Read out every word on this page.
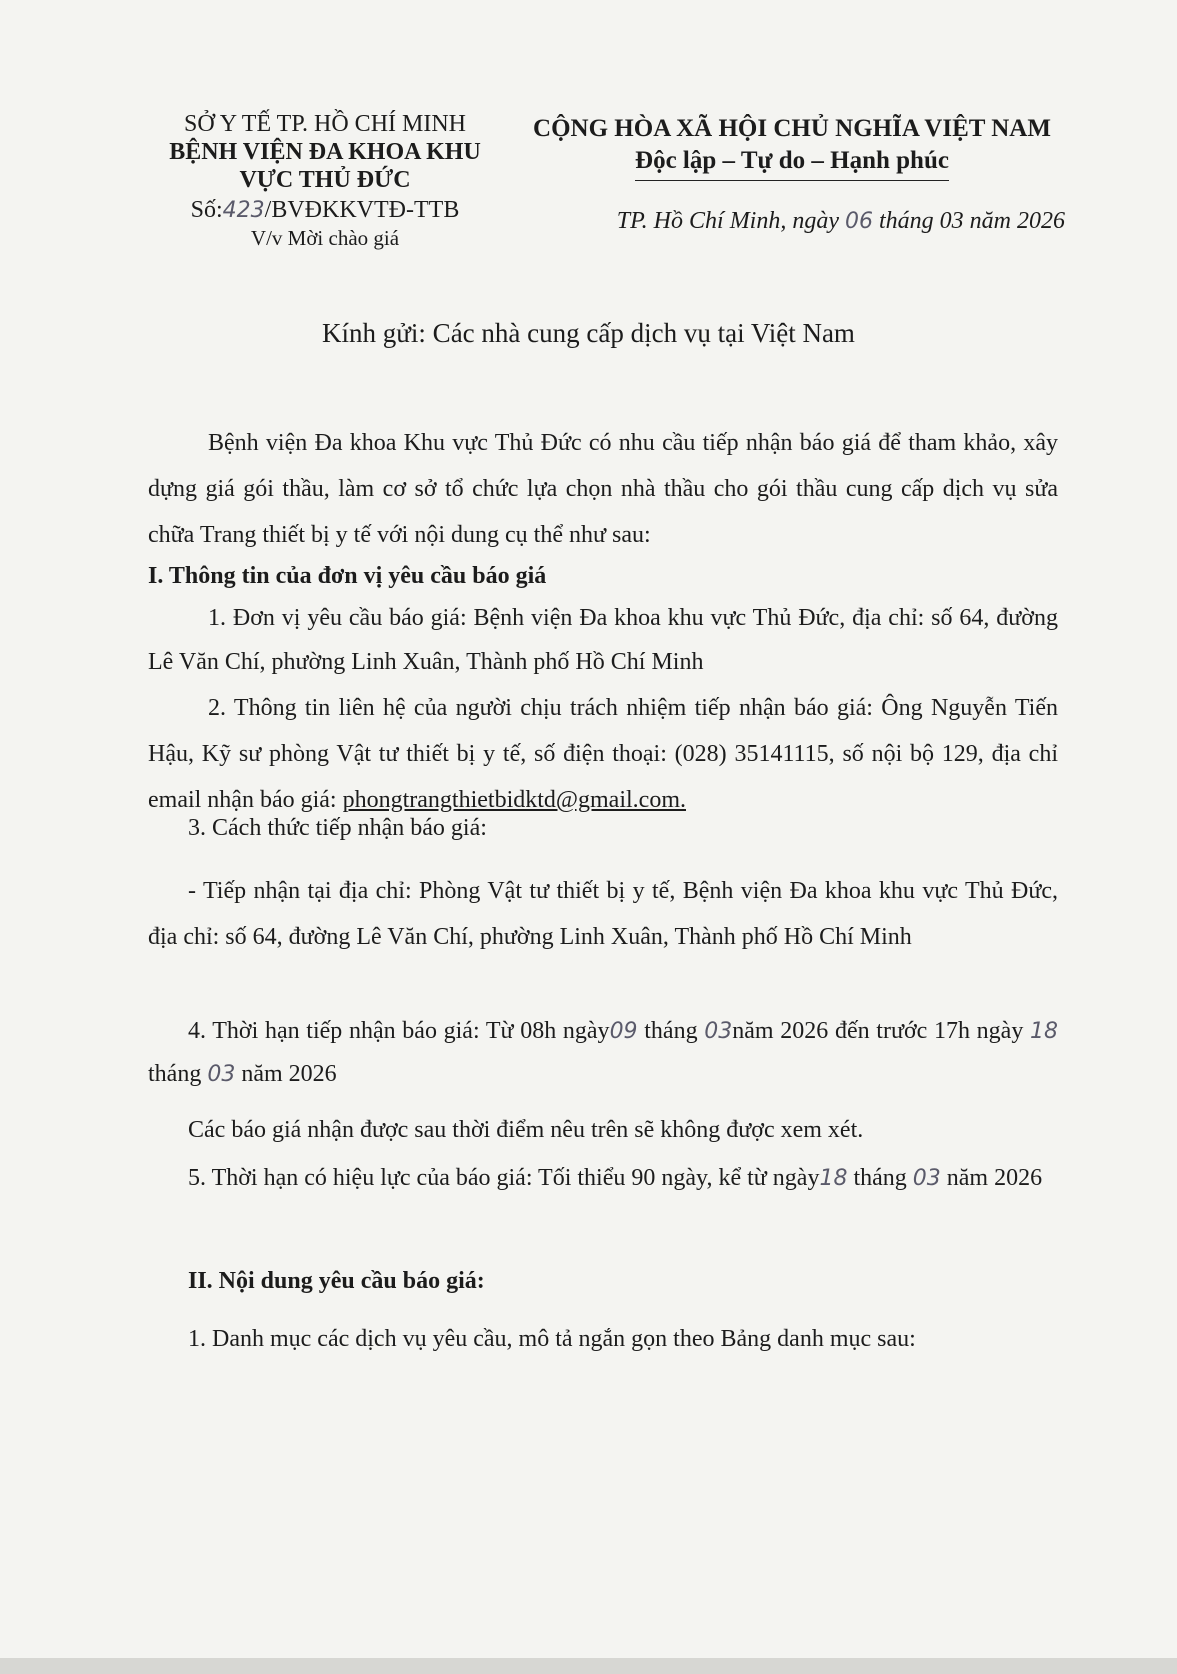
SỞ Y TẾ TP. HỒ CHÍ MINH
BỆNH VIỆN ĐA KHOA KHU
VỰC THỦ ĐỨC
Số:423/BVĐKKVTĐ-TTB
V/v Mời chào giá
CỘNG HÒA XÃ HỘI CHỦ NGHĨA VIỆT NAM
Độc lập – Tự do – Hạnh phúc
TP. Hồ Chí Minh, ngày 06 tháng 03 năm 2026
Kính gửi: Các nhà cung cấp dịch vụ tại Việt Nam

Bệnh viện Đa khoa Khu vực Thủ Đức có nhu cầu tiếp nhận báo giá để tham khảo, xây dựng giá gói thầu, làm cơ sở tổ chức lựa chọn nhà thầu cho gói thầu cung cấp dịch vụ sửa chữa Trang thiết bị y tế với nội dung cụ thể như sau:

I. Thông tin của đơn vị yêu cầu báo giá

1. Đơn vị yêu cầu báo giá: Bệnh viện Đa khoa khu vực Thủ Đức, địa chỉ: số 64, đường Lê Văn Chí, phường Linh Xuân, Thành phố Hồ Chí Minh

2. Thông tin liên hệ của người chịu trách nhiệm tiếp nhận báo giá: Ông Nguyễn Tiến Hậu, Kỹ sư phòng Vật tư thiết bị y tế, số điện thoại: (028) 35141115, số nội bộ 129, địa chỉ email nhận báo giá: phongtrangthietbidktd@gmail.com.

3. Cách thức tiếp nhận báo giá:

- Tiếp nhận tại địa chỉ: Phòng Vật tư thiết bị y tế, Bệnh viện Đa khoa khu vực Thủ Đức, địa chỉ: số 64, đường Lê Văn Chí, phường Linh Xuân, Thành phố Hồ Chí Minh

4. Thời hạn tiếp nhận báo giá: Từ 08h ngày09 tháng 03năm 2026 đến trước 17h ngày 18 tháng 03 năm 2026

Các báo giá nhận được sau thời điểm nêu trên sẽ không được xem xét.

5. Thời hạn có hiệu lực của báo giá: Tối thiểu 90 ngày, kể từ ngày18 tháng 03 năm 2026

II. Nội dung yêu cầu báo giá:

1. Danh mục các dịch vụ yêu cầu, mô tả ngắn gọn theo Bảng danh mục sau:
